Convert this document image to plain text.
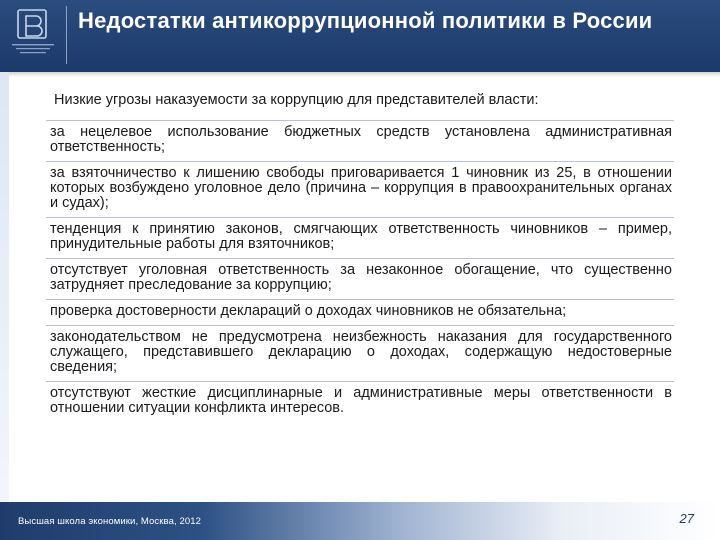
Недостатки антикоррупционной политики в России
Низкие угрозы наказуемости за коррупцию для представителей власти:
за нецелевое использование бюджетных средств установлена административная ответственность;
за взяточничество к лишению свободы приговаривается 1 чиновник из 25, в отношении которых возбуждено уголовное дело (причина – коррупция в правоохранительных органах и судах);
тенденция к принятию законов, смягчающих ответственность чиновников – пример, принудительные работы для взяточников;
отсутствует уголовная ответственность за незаконное обогащение, что существенно затрудняет преследование за коррупцию;
проверка достоверности деклараций о доходах чиновников не обязательна;
законодательством не предусмотрена неизбежность наказания для государственного служащего, представившего декларацию о доходах, содержащую недостоверные сведения;
отсутствуют жесткие дисциплинарные и административные меры ответственности в отношении ситуации конфликта интересов.
Высшая школа экономики, Москва, 2012	27
